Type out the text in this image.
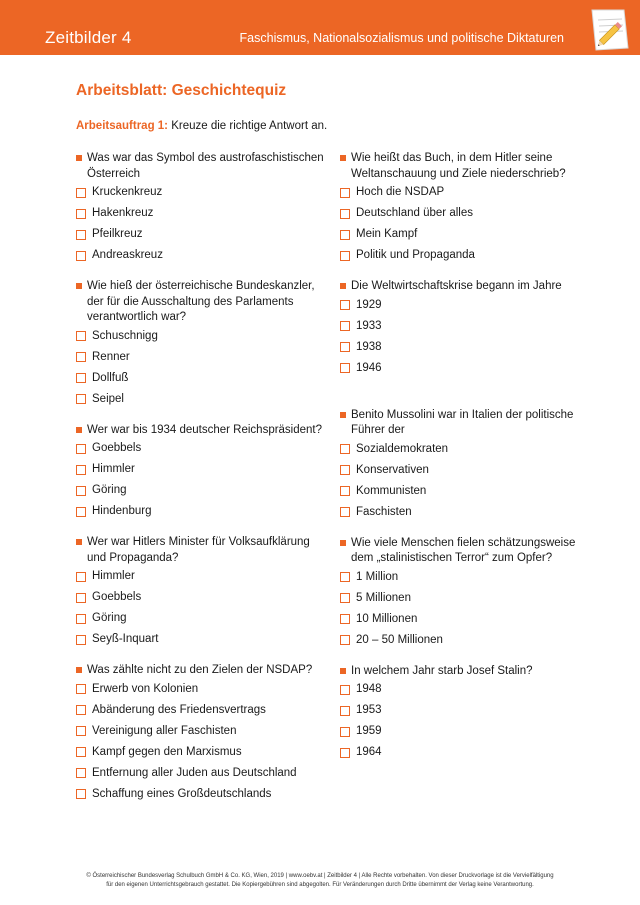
Zeitbilder 4	Faschismus, Nationalsozialismus und politische Diktaturen
Arbeitsblatt: Geschichtequiz
Arbeitsauftrag 1: Kreuze die richtige Antwort an.
Was war das Symbol des austrofaschistischen Österreich
Kruckenkreuz
Hakenkreuz
Pfeilkreuz
Andreaskreuz
Wie hieß der österreichische Bundeskanzler, der für die Ausschaltung des Parlaments verantwortlich war?
Schuschnigg
Renner
Dollfuß
Seipel
Wer war bis 1934 deutscher Reichspräsident?
Goebbels
Himmler
Göring
Hindenburg
Wer war Hitlers Minister für Volksaufklärung und Propaganda?
Himmler
Goebbels
Göring
Seyß-Inquart
Was zählte nicht zu den Zielen der NSDAP?
Erwerb von Kolonien
Abänderung des Friedensvertrags
Vereinigung aller Faschisten
Kampf gegen den Marxismus
Entfernung aller Juden aus Deutschland
Schaffung eines Großdeutschlands
Wie heißt das Buch, in dem Hitler seine Weltanschauung und Ziele niederschrieb?
Hoch die NSDAP
Deutschland über alles
Mein Kampf
Politik und Propaganda
Die Weltwirtschaftskrise begann im Jahre
1929
1933
1938
1946
Benito Mussolini war in Italien der politische Führer der
Sozialdemokraten
Konservativen
Kommunisten
Faschisten
Wie viele Menschen fielen schätzungsweise dem „stalinistischen Terror“ zum Opfer?
1 Million
5 Millionen
10 Millionen
20 – 50 Millionen
In welchem Jahr starb Josef Stalin?
1948
1953
1959
1964
© Österreichischer Bundesverlag Schulbuch GmbH & Co. KG, Wien, 2019 | www.oebv.at | Zeitbilder 4 | Alle Rechte vorbehalten. Von dieser Druckvorlage ist die Vervielfältigung
für den eigenen Unterrichtsgebrauch gestattet. Die Kopiergebühren sind abgegolten. Für Veränderungen durch Dritte übernimmt der Verlag keine Verantwortung.
